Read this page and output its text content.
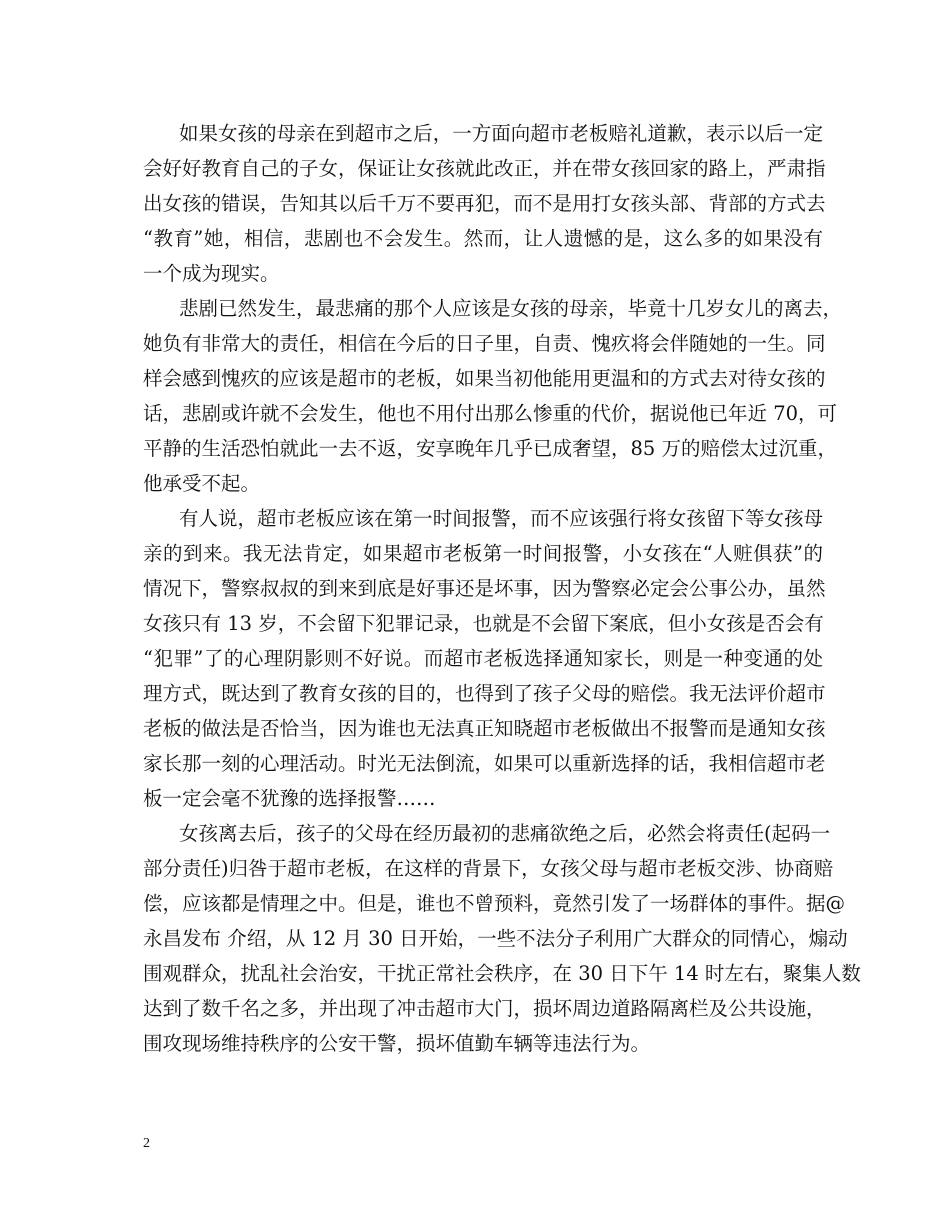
如果女孩的母亲在到超市之后，一方面向超市老板赔礼道歉，表示以后一定
会好好教育自己的子女，保证让女孩就此改正，并在带女孩回家的路上，严肃指
出女孩的错误，告知其以后千万不要再犯，而不是用打女孩头部、背部的方式去
“教育”她，相信，悲剧也不会发生。然而，让人遗憾的是，这么多的如果没有
一个成为现实。
悲剧已然发生，最悲痛的那个人应该是女孩的母亲，毕竟十几岁女儿的离去，
她负有非常大的责任，相信在今后的日子里，自责、愧疚将会伴随她的一生。同
样会感到愧疚的应该是超市的老板，如果当初他能用更温和的方式去对待女孩的
话，悲剧或许就不会发生，他也不用付出那么惨重的代价，据说他已年近 70，可
平静的生活恐怕就此一去不返，安享晚年几乎已成奢望，85 万的赔偿太过沉重，
他承受不起。
有人说，超市老板应该在第一时间报警，而不应该强行将女孩留下等女孩母
亲的到来。我无法肯定，如果超市老板第一时间报警，小女孩在“人赃俱获”的
情况下，警察叔叔的到来到底是好事还是坏事，因为警察必定会公事公办，虽然
女孩只有 13 岁，不会留下犯罪记录，也就是不会留下案底，但小女孩是否会有
“犯罪”了的心理阴影则不好说。而超市老板选择通知家长，则是一种变通的处
理方式，既达到了教育女孩的目的，也得到了孩子父母的赔偿。我无法评价超市
老板的做法是否恰当，因为谁也无法真正知晓超市老板做出不报警而是通知女孩
家长那一刻的心理活动。时光无法倒流，如果可以重新选择的话，我相信超市老
板一定会毫不犹豫的选择报警……
女孩离去后，孩子的父母在经历最初的悲痛欲绝之后，必然会将责任(起码一
部分责任)归咎于超市老板，在这样的背景下，女孩父母与超市老板交涉、协商赔
偿，应该都是情理之中。但是，谁也不曾预料，竟然引发了一场群体的事件。据@
永昌发布 介绍，从 12 月 30 日开始，一些不法分子利用广大群众的同情心，煽动
围观群众，扰乱社会治安，干扰正常社会秩序，在 30 日下午 14 时左右，聚集人数
达到了数千名之多，并出现了冲击超市大门，损坏周边道路隔离栏及公共设施，
围攻现场维持秩序的公安干警，损坏值勤车辆等违法行为。
2
